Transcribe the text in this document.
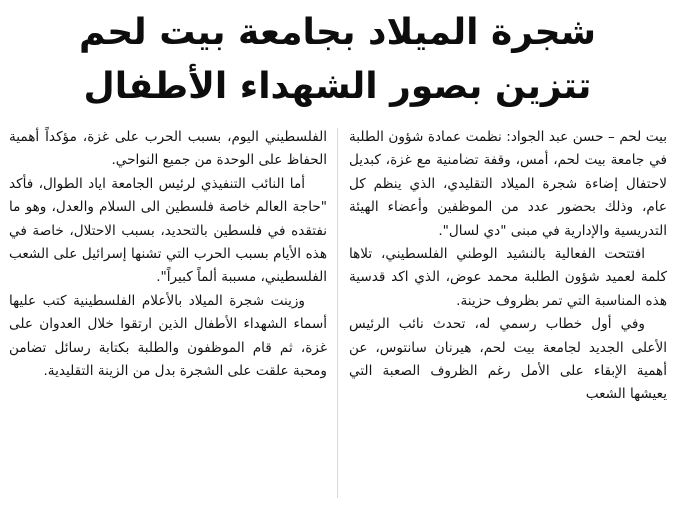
شجرة الميلاد بجامعة بيت لحم
تتزين بصور الشهداء الأطفال

بيت لحم – حسن عبد الجواد: نظمت عمادة شؤون الطلبة في جامعة بيت لحم، أمس، وقفة تضامنية مع غزة، كبديل لاحتفال إضاءة شجرة الميلاد التقليدي، الذي ينظم كل عام، وذلك بحضور عدد من الموظفين وأعضاء الهيئة التدريسية والإدارية في مبنى "دي لسال".

افتتحت الفعالية بالنشيد الوطني الفلسطيني، تلاها كلمة لعميد شؤون الطلبة محمد عوض، الذي اكد قدسية هذه المناسبة التي تمر بظروف حزينة.

وفي أول خطاب رسمي له، تحدث نائب الرئيس الأعلى الجديد لجامعة بيت لحم، هيرنان سانتوس، عن أهمية الإبقاء على الأمل رغم الظروف الصعبة التي يعيشها الشعب

الفلسطيني اليوم، بسبب الحرب على غزة، مؤكداً أهمية الحفاظ على الوحدة من جميع النواحي.

أما النائب التنفيذي لرئيس الجامعة اياد الطوال، فأكد "حاجة العالم خاصة فلسطين الى السلام والعدل، وهو ما نفتقده في فلسطين بالتحديد، بسبب الاحتلال، خاصة في هذه الأيام بسبب الحرب التي تشنها إسرائيل على الشعب الفلسطيني، مسببة ألماً كبيراً".

وزينت شجرة الميلاد بالأعلام الفلسطينية كتب عليها أسماء الشهداء الأطفال الذين ارتقوا خلال العدوان على غزة، ثم قام الموظفون والطلبة بكتابة رسائل تضامن ومحبة علقت على الشجرة بدل من الزينة التقليدية.
